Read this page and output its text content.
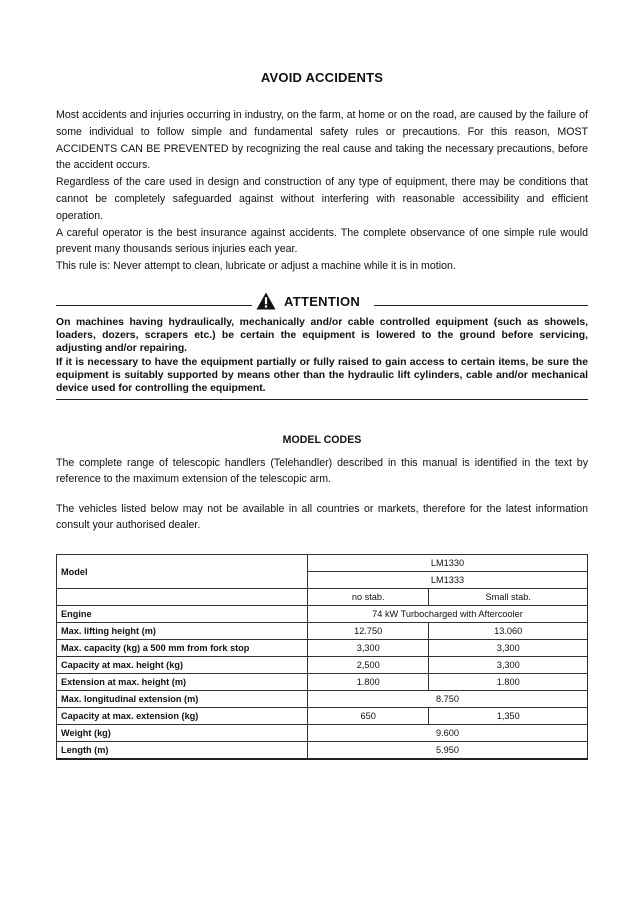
AVOID ACCIDENTS

Most accidents and injuries occurring in industry, on the farm, at home or on the road, are caused by the failure of some individual to follow simple and fundamental safety rules or precautions. For this reason, MOST ACCIDENTS CAN BE PREVENTED by recognizing the real cause and taking the necessary precautions, before the accident occurs.

Regardless of the care used in design and construction of any type of equipment, there may be conditions that cannot be completely safeguarded against without interfering with reasonable accessibility and efficient operation.

A careful operator is the best insurance against accidents. The complete observance of one simple rule would prevent many thousands serious injuries each year.

This rule is: Never attempt to clean, lubricate or adjust a machine while it is in motion.

ATTENTION

On machines having hydraulically, mechanically and/or cable controlled equipment (such as showels, loaders, dozers, scrapers etc.) be certain the equipment is lowered to the ground before servicing, adjusting and/or repairing.

If it is necessary to have the equipment partially or fully raised to gain access to certain items, be sure the equipment is suitably supported by means other than the hydraulic lift cylinders, cable and/or mechanical device used for controlling the equipment.

MODEL CODES

The complete range of telescopic handlers (Telehandler) described in this manual is identified in the text by reference to the maximum extension of the telescopic arm.

The vehicles listed below may not be available in all countries or markets, therefore for the latest information consult your authorised dealer.

Model	LM1330	
	LM1333	
	no stab.	Small stab.
Engine	74 kW Turbocharged with Aftercooler	
Max. lifting height (m)	12.750	13.060
Max. capacity (kg) a 500 mm from fork stop	3,300	3,300
Capacity at max. height (kg)	2,500	3,300
Extension at max. height (m)	1.800	1.800
Max. longitudinal extension (m)	8.750	
Capacity at max. extension (kg)	650	1,350
Weight (kg)	9.600	
Length (m)	5.950	
